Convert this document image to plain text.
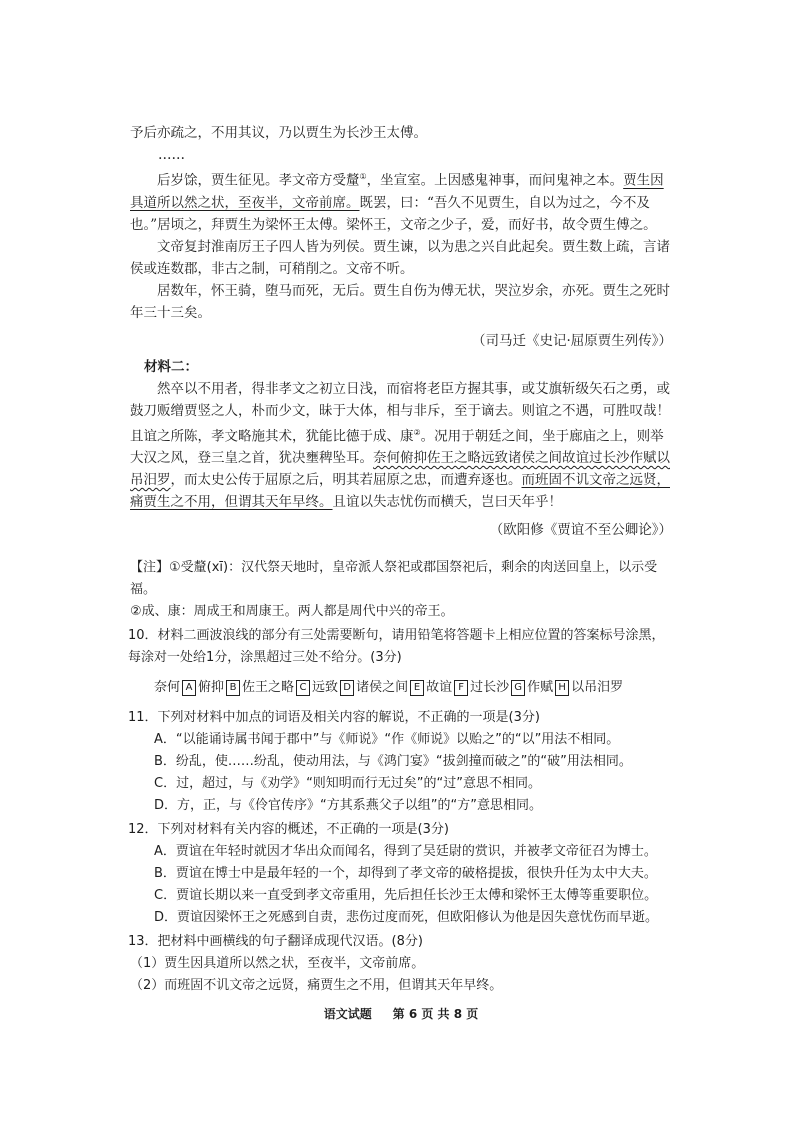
予后亦疏之，不用其议，乃以贾生为长沙王太傅。

……

后岁馀，贾生征见。孝文帝方受釐①，坐宣室。上因感鬼神事，而问鬼神之本。贾生因具道所以然之状，至夜半，文帝前席。既罢，曰：“吾久不见贾生，自以为过之，今不及也。”居顷之，拜贾生为梁怀王太傅。梁怀王，文帝之少子，爱，而好书，故令贾生傅之。

文帝复封淮南厉王子四人皆为列侯。贾生谏，以为患之兴自此起矣。贾生数上疏，言诸侯或连数郡，非古之制，可稍削之。文帝不听。

居数年，怀王骑，堕马而死，无后。贾生自伤为傅无状，哭泣岁余，亦死。贾生之死时年三十三矣。

（司马迁《史记·屈原贾生列传》）

材料二：

然卒以不用者，得非孝文之初立日浅，而宿将老臣方握其事，或艾旗斩级矢石之勇，或鼓刀贩缯贾竖之人，朴而少文，昧于大体，相与非斥，至于谪去。则谊之不遇，可胜叹哉！且谊之所陈，孝文略施其术，犹能比德于成、康②。况用于朝廷之间，坐于廊庙之上，则举大汉之风，登三皇之首，犹决壅稗坠耳。奈何俯抑佐王之略远致诸侯之间故谊过长沙作赋以吊汨罗，而太史公传于屈原之后，明其若屈原之忠，而遭弃逐也。而班固不讥文帝之远贤，痛贾生之不用，但谓其天年早终。且谊以失志忧伤而横夭，岂曰天年乎！

（欧阳修《贾谊不至公卿论》）

【注】①受釐(xī)：汉代祭天地时，皇帝派人祭祀或郡国祭祀后，剩余的肉送回皇上，以示受福。

②成、康：周成王和周康王。两人都是周代中兴的帝王。

10．材料二画波浪线的部分有三处需要断句，请用铅笔将答题卡上相应位置的答案标号涂黑，每涂对一处给1分，涂黑超过三处不给分。(3分)

奈何 A 俯抑 B 佐王之略 C 远致 D 诸侯之间 E 故谊 F 过长沙 G 作赋 H 以吊汨罗

11．下列对材料中加点的词语及相关内容的解说，不正确的一项是(3分)

A．“以能诵诗属书闻于郡中”与《师说》“作《师说》以贻之”的“以”用法不相同。

B．纷乱，使……纷乱，使动用法，与《鸿门宴》“拔剑撞而破之”的“破”用法相同。

C．过，超过，与《劝学》“则知明而行无过矣”的“过”意思不相同。

D．方，正，与《伶官传序》“方其系燕父子以组”的“方”意思相同。

12．下列对材料有关内容的概述，不正确的一项是(3分)

A．贾谊在年轻时就因才华出众而闻名，得到了吴廷尉的赏识，并被孝文帝征召为博士。

B．贾谊在博士中是最年轻的一个，却得到了孝文帝的破格提拔，很快升任为太中大夫。

C．贾谊长期以来一直受到孝文帝重用，先后担任长沙王太傅和梁怀王太傅等重要职位。

D．贾谊因梁怀王之死感到自责，悲伤过度而死，但欧阳修认为他是因失意忧伤而早逝。

13．把材料中画横线的句子翻译成现代汉语。(8分)

（1）贾生因具道所以然之状，至夜半，文帝前席。

（2）而班固不讥文帝之远贤，痛贾生之不用，但谓其天年早终。

语文试题 第 6 页 共 8 页
